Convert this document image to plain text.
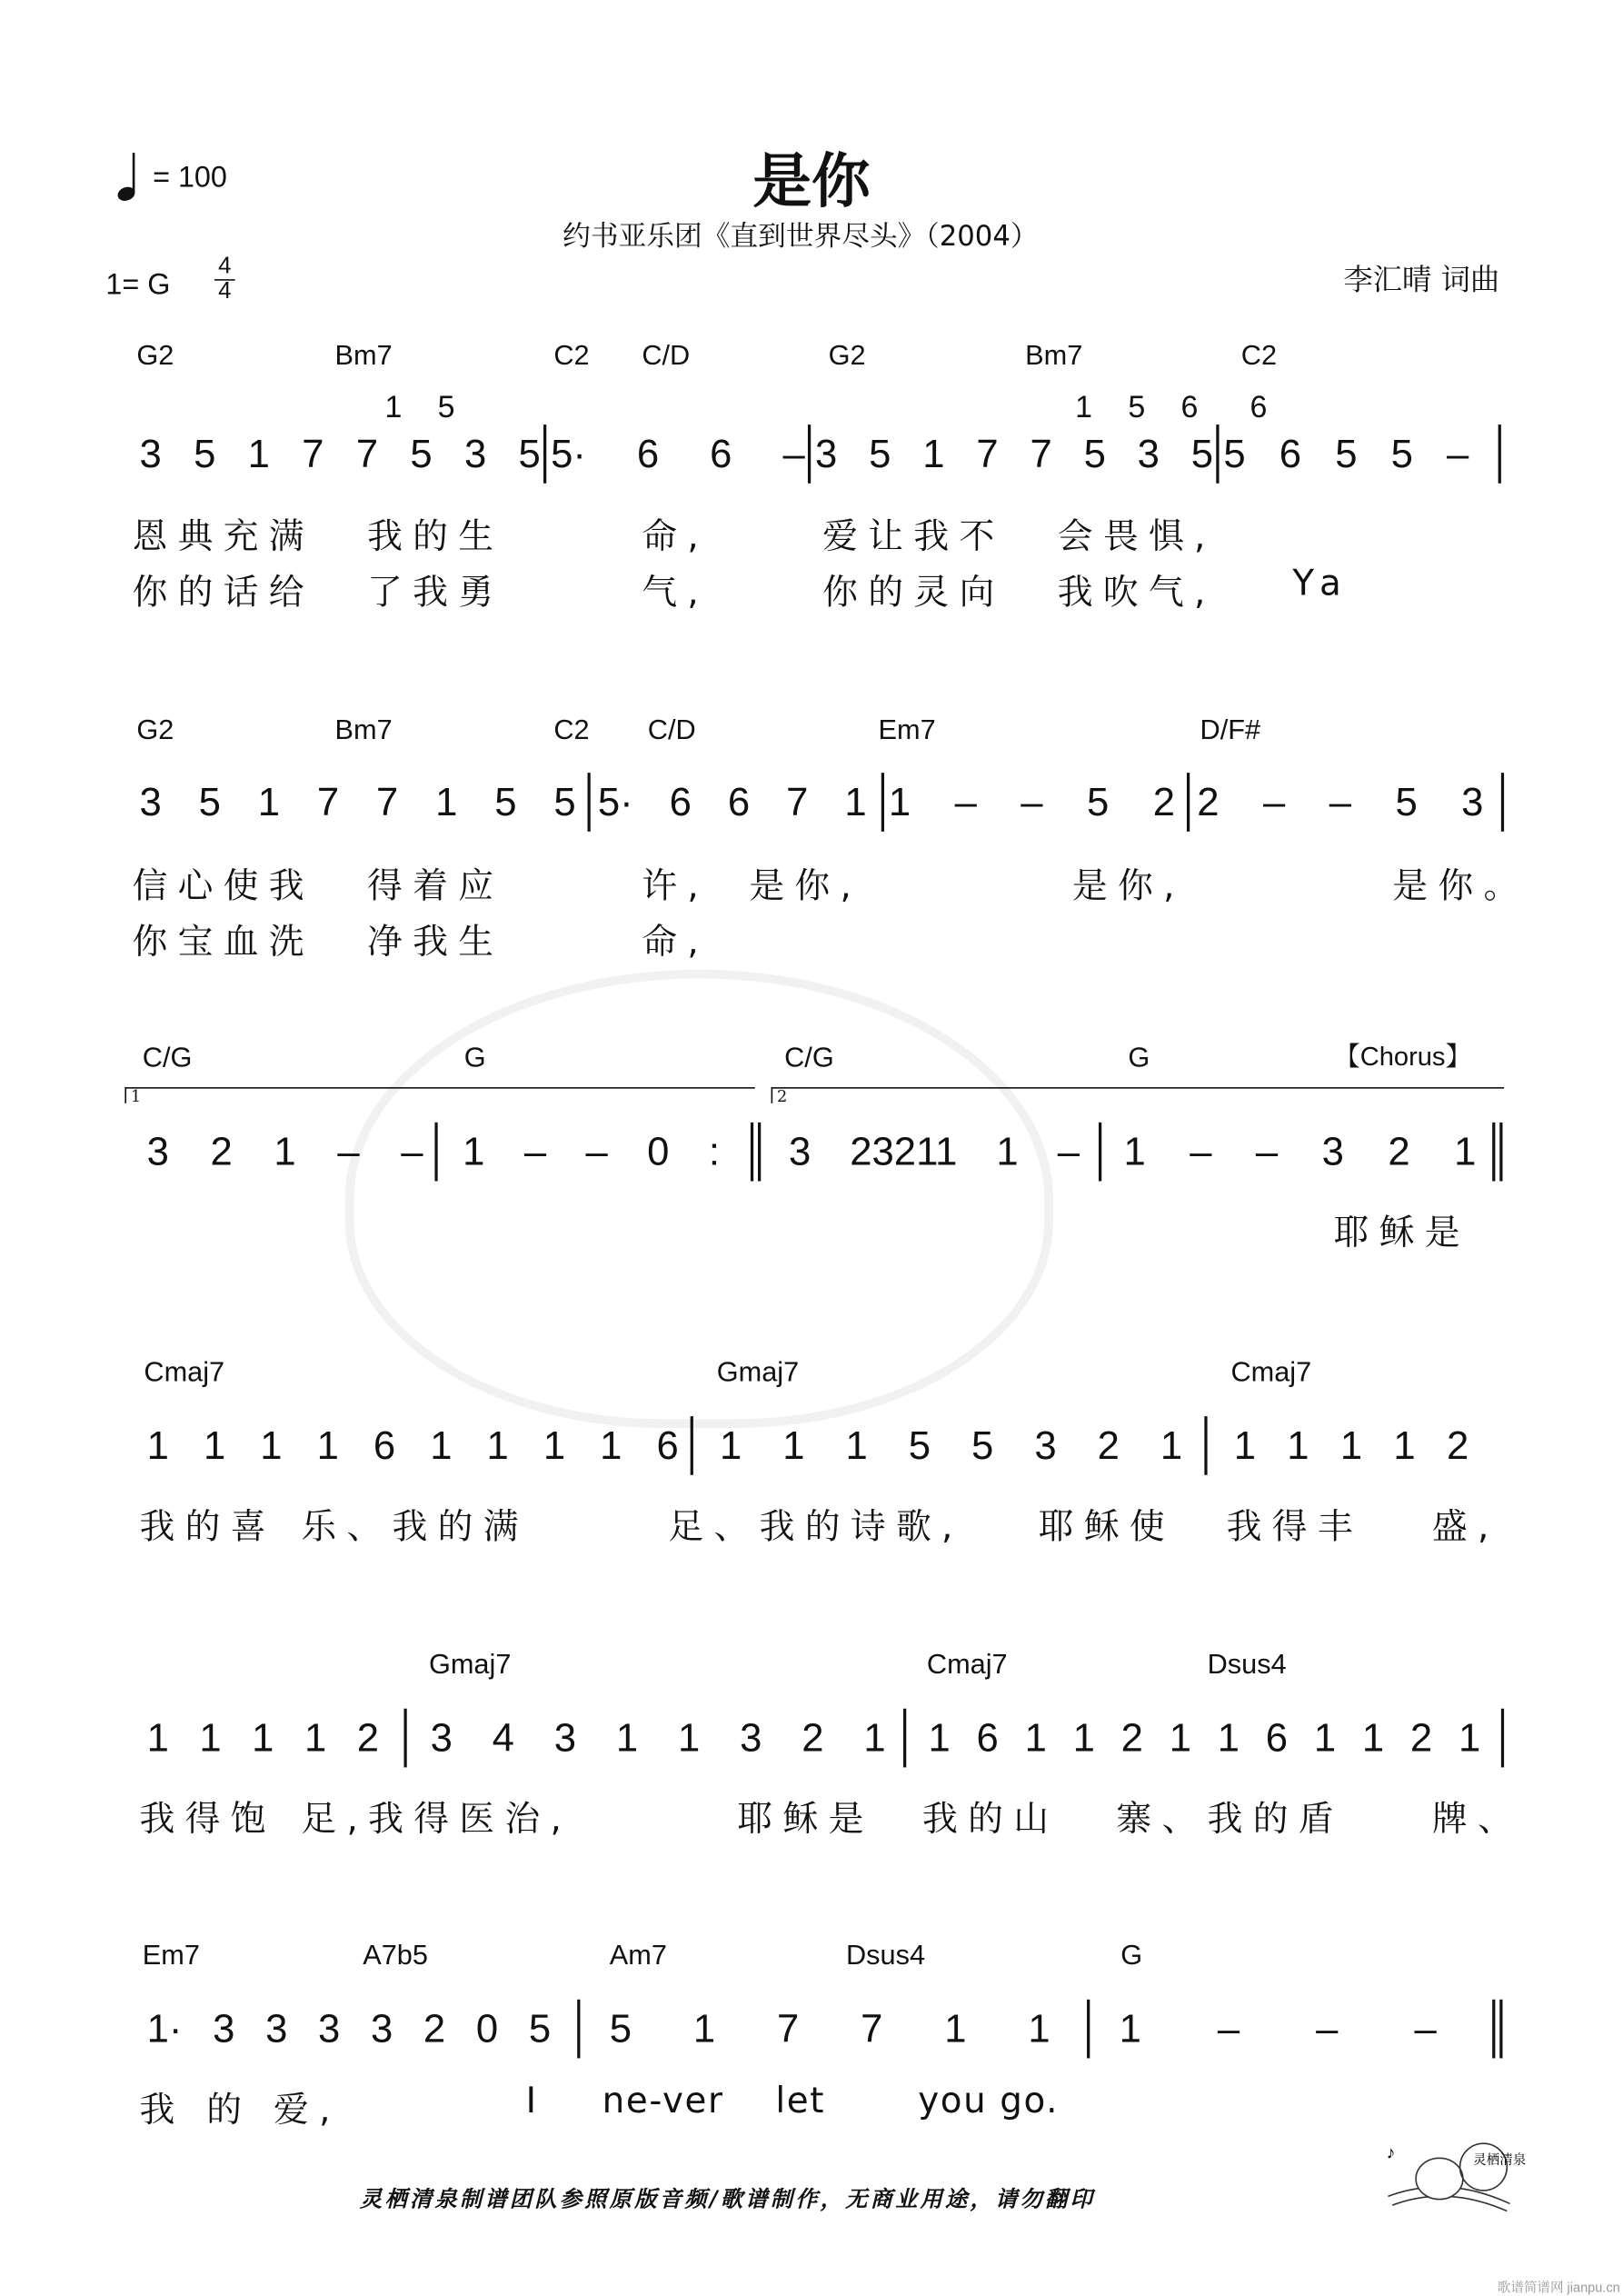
= 100	是你
约书亚乐团《直到世界尽头》（2004）
1= G
4
4	李汇晴 词曲
G2	Bm7	C2	C/D	G2	Bm7	C2
3 5 1 7 7 5 3 5 5· 6 6 – 3 5 1 7 7 5 3 5 5 6 5 5 –
1 5	1 5 6	6
恩典充满 我的生	命,	爱让我不 会畏惧,
你的话给 了我勇	气,	你的灵向 我吹气,	Ya
G2	Bm7	C2	C/D	Em7	D/F#
3 5 1 7 7 1 5 5 5· 6 6 7 1 1 – – 5 2 2 – – 5 3
信心使我 得着应	许, 是你,	是你,	是你。
你宝血洗 净我生	命,
C/G	G	C/G	G
3 2 1 – – 1 – – 0 :	3 23211 1 – 1 – – 3 2 1
耶稣是
1	2
【Chorus】
Cmaj7	Gmaj7	Cmaj7
1 1 1 1 6 1 1 1 1 6 1 1 1 5 5 3 2 1 1 1 1 1 2
我的喜 乐、我的满	足、我的诗歌,	耶稣使 我得丰	盛,
Gmaj7	Cmaj7	Dsus4
1 1 1 1 2 3 4 3 1 1 3 2 1 1 6 1 1 2 1 1 6 1 1 2 1
我得饱 足,我得医治,	耶稣是 我的山	寨、我的盾	牌、
Em7	A7b5	Am7	Dsus4	G
1· 3 3 3 3 2 0 5 5 1 7 7 1 1	1 – – –
我 的 爱,	I	ne-ver let	you go.
灵栖清泉制谱团队参照原版音频/歌谱制作，无商业用途，请勿翻印
灵栖清泉
♪
歌谱简谱网 jianpu.cn
